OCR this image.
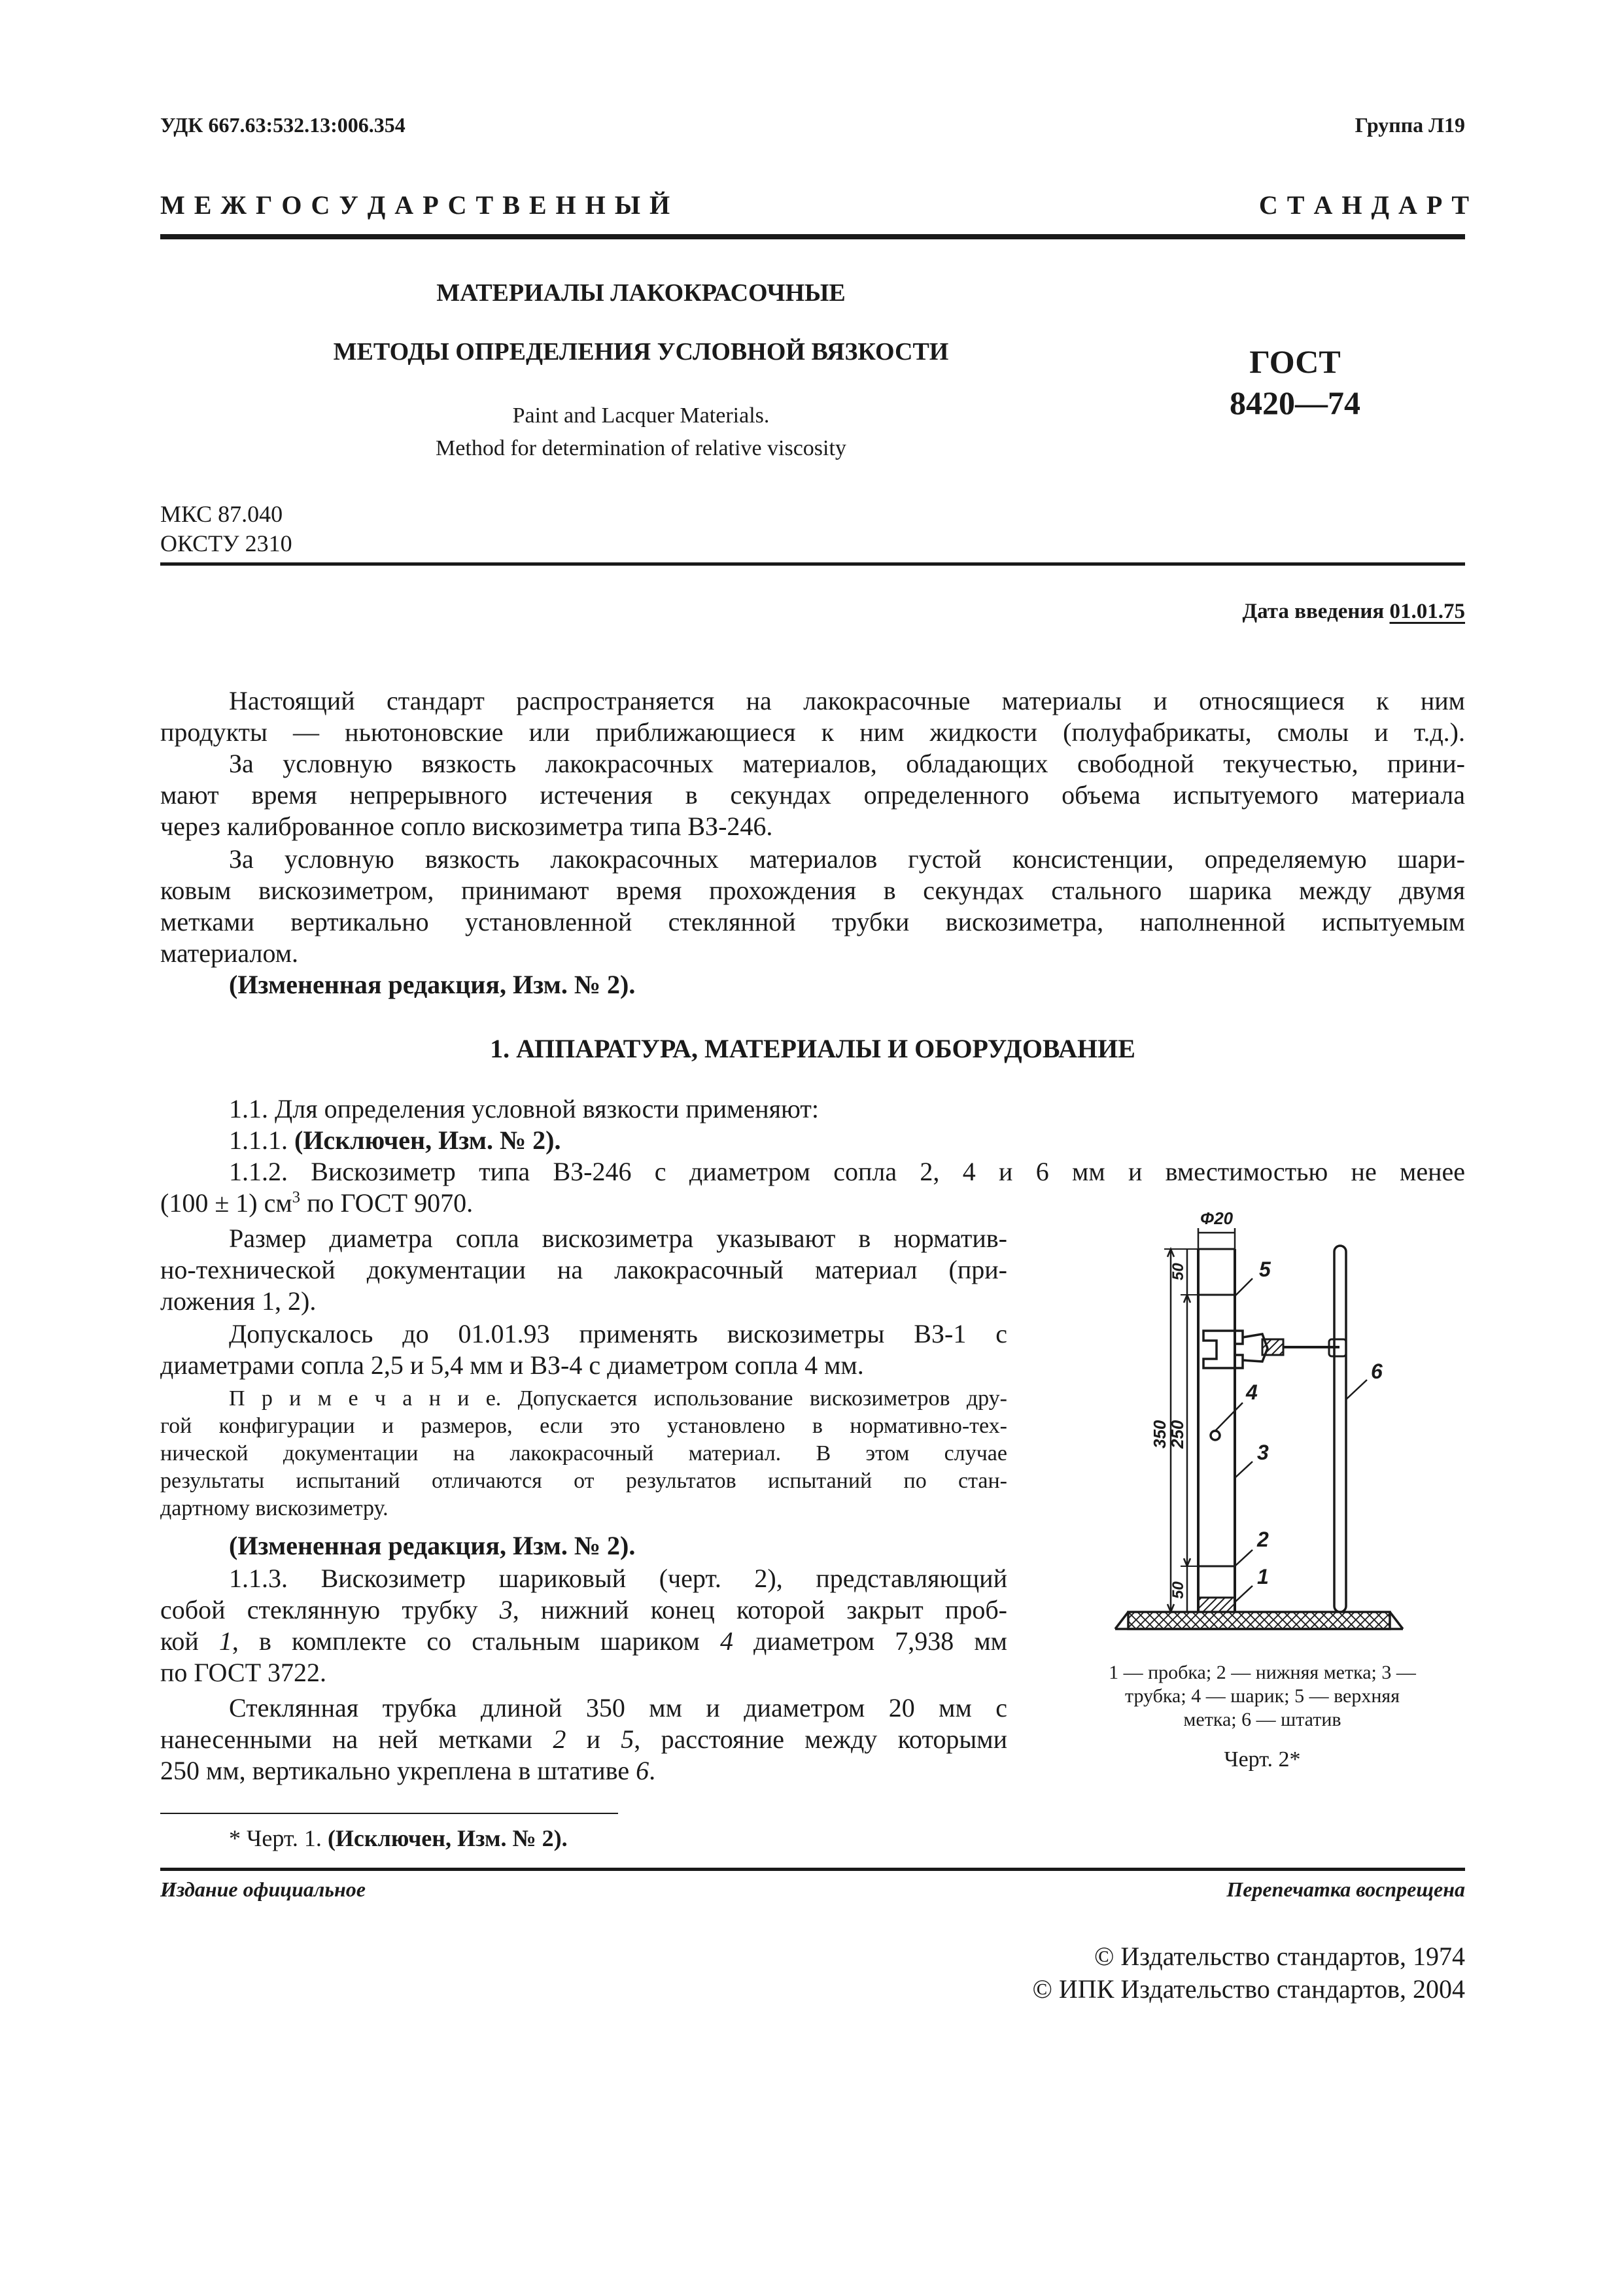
УДК 667.63:532.13:006.354	Группа Л19
М Е Ж Г О С У Д А Р С Т В Е Н Н Ы Й	С Т А Н Д А Р Т
МАТЕРИАЛЫ ЛАКОКРАСОЧНЫЕ
МЕТОДЫ ОПРЕДЕЛЕНИЯ УСЛОВНОЙ ВЯЗКОСТИ
Paint and Lacquer Materials.
Method for determination of relative viscosity
ГОСТ
8420—74
МКС 87.040
ОКСТУ 2310
Дата введения 01.01.75
Настоящий стандарт распространяется на лакокрасочные материалы и относящиеся к ним
продукты — ньютоновские или приближающиеся к ним жидкости (полуфабрикаты, смолы и т.д.).
За условную вязкость лакокрасочных материалов, обладающих свободной текучестью, прини-
мают время непрерывного истечения в секундах определенного объема испытуемого материала
через калиброванное сопло вискозиметра типа ВЗ-246.
За условную вязкость лакокрасочных материалов густой консистенции, определяемую шари-
ковым вискозиметром, принимают время прохождения в секундах стального шарика между двумя
метками вертикально установленной стеклянной трубки вискозиметра, наполненной испытуемым
материалом.
(Измененная редакция, Изм. № 2).
1. АППАРАТУРА, МАТЕРИАЛЫ И ОБОРУДОВАНИЕ
1.1. Для определения условной вязкости применяют:
1.1.1. (Исключен, Изм. № 2).
1.1.2. Вискозиметр типа ВЗ-246 с диаметром сопла 2, 4 и 6 мм и вместимостью не менее
(100 ± 1) $см^3$ по ГОСТ 9070.
Размер диаметра сопла вискозиметра указывают в норматив-
но-технической документации на лакокрасочный материал (при-
ложения 1, 2).
Допускалось до 01.01.93 применять вискозиметры ВЗ-1 с
диаметрами сопла 2,5 и 5,4 мм и ВЗ-4 с диаметром сопла 4 мм.
П р и м е ч а н и е. Допускается использование вискозиметров дру-
гой конфигурации и размеров, если это установлено в нормативно-тех-
нической документации на лакокрасочный материал. В этом случае
результаты испытаний отличаются от результатов испытаний по стан-
дартному вискозиметру.
(Измененная редакция, Изм. № 2).
1.1.3. Вискозиметр шариковый (черт. 2), представляющий
собой стеклянную трубку 3, нижний конец которой закрыт проб-
кой 1, в комплекте со стальным шариком 4 диаметром 7,938 мм
по ГОСТ 3722.
Стеклянная трубка длиной 350 мм и диаметром 20 мм с
нанесенными на ней метками 2 и 5, расстояние между которыми
250 мм, вертикально укреплена в штативе 6.
Φ20
5
4
3
2
1
6
50
350
250
50
1 — пробка; 2 — нижняя метка; 3 —
трубка; 4 — шарик; 5 — верхняя
метка; 6 — штатив
Черт. 2*
* Черт. 1. (Исключен, Изм. № 2).
Издание официальное	Перепечатка воспрещена
© Издательство стандартов, 1974
© ИПК Издательство стандартов, 2004
